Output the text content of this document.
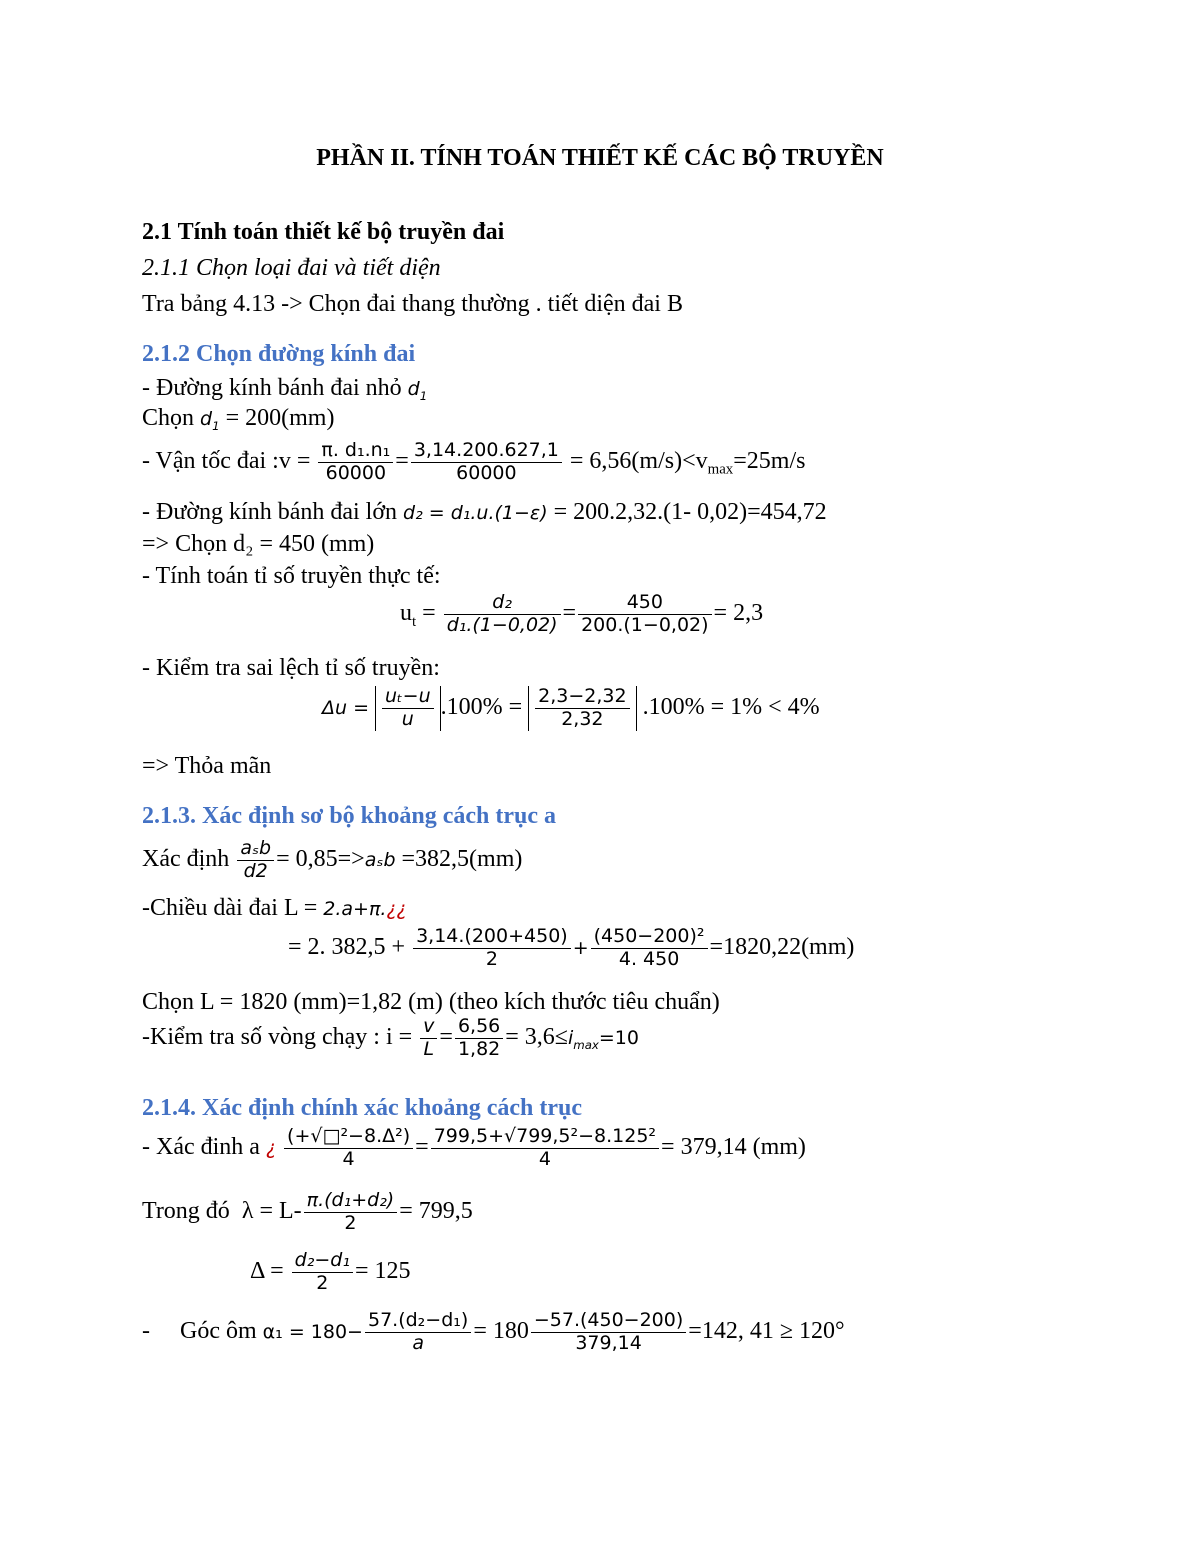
PHẦN II. TÍNH TOÁN THIẾT KẾ CÁC BỘ TRUYỀN
2.1 Tính toán thiết kế bộ truyền đai
2.1.1 Chọn loại đai và tiết diện
Tra bảng 4.13 -> Chọn đai thang thường . tiết diện đai B
2.1.2 Chọn đường kính đai
- Đường kính bánh đai nhỏ $d_1$
Chọn $d_1 = 200(mm)$
- Vận tốc đai :v = $\frac{\text{π. d₁.n₁}}{60000} = \frac{3,14.200.627,1}{60000} = 6,56(m/s)<v_{max}=25m/s$
- Đường kính bánh đai lớn d₂ = d₁.u.(1−ε) = 200.2,32.(1- 0,02)=454,72
=> Chọn d₂ = 450 (mm)
- Tính toán tỉ số truyền thực tế:
$u_t = \frac{\text{d₂}}{\text{d₁.(1−0,02)}} = \frac{450}{200.(1-0,02)} = 2,3$
- Kiểm tra sai lệch tỉ số truyền:
$\Delta u = \frac{\text{uₜ−u}}{u} .100\% = \frac{2,3-2,32}{2,32} .100\% = 1\% < 4\%$
=> Thỏa mãn
2.1.3. Xác định sơ bộ khoảng cách trục a
Xác định $\frac{\text{aₛb}}{d2} = 0,85=>a_sb =382,5(mm)$
-Chiều dài đai L = 2.a+π.¿¿
= 2. $382,5 + \frac{3,14.(200+450)}{2} + \frac{\text{(450−200)²}}{4. 450} =1820,22(mm)$
Chọn L = 1820 (mm)=1,82 (m) (theo kích thước tiêu chuẩn)
-Kiểm tra số vòng chạy : $i = \frac{v}{L} = \frac{6,56}{1,82} = 3,6\le i_{max}=10$
2.1.4. Xác định chính xác khoảng cách trục
- Xác đinh a ¿ $\frac{\text{(+√□²−8.Δ²)}}{4} = \frac{\text{799,5+√799,5²−8.125²}}{4} = 379,14$ (mm)
Trong đó $\lambda = L- \frac{\text{π.(d₁+d₂)}}{2} = 799,5$
$\Delta = \frac{\text{d₂−d₁}}{2} = 125$
- Góc ôm $\alpha_1 = 180- \frac{\text{57.(d₂−d₁)}}{a} = 180 \frac{-57.(450-200)}{379,14} =142$, 41 ≥ 120°
